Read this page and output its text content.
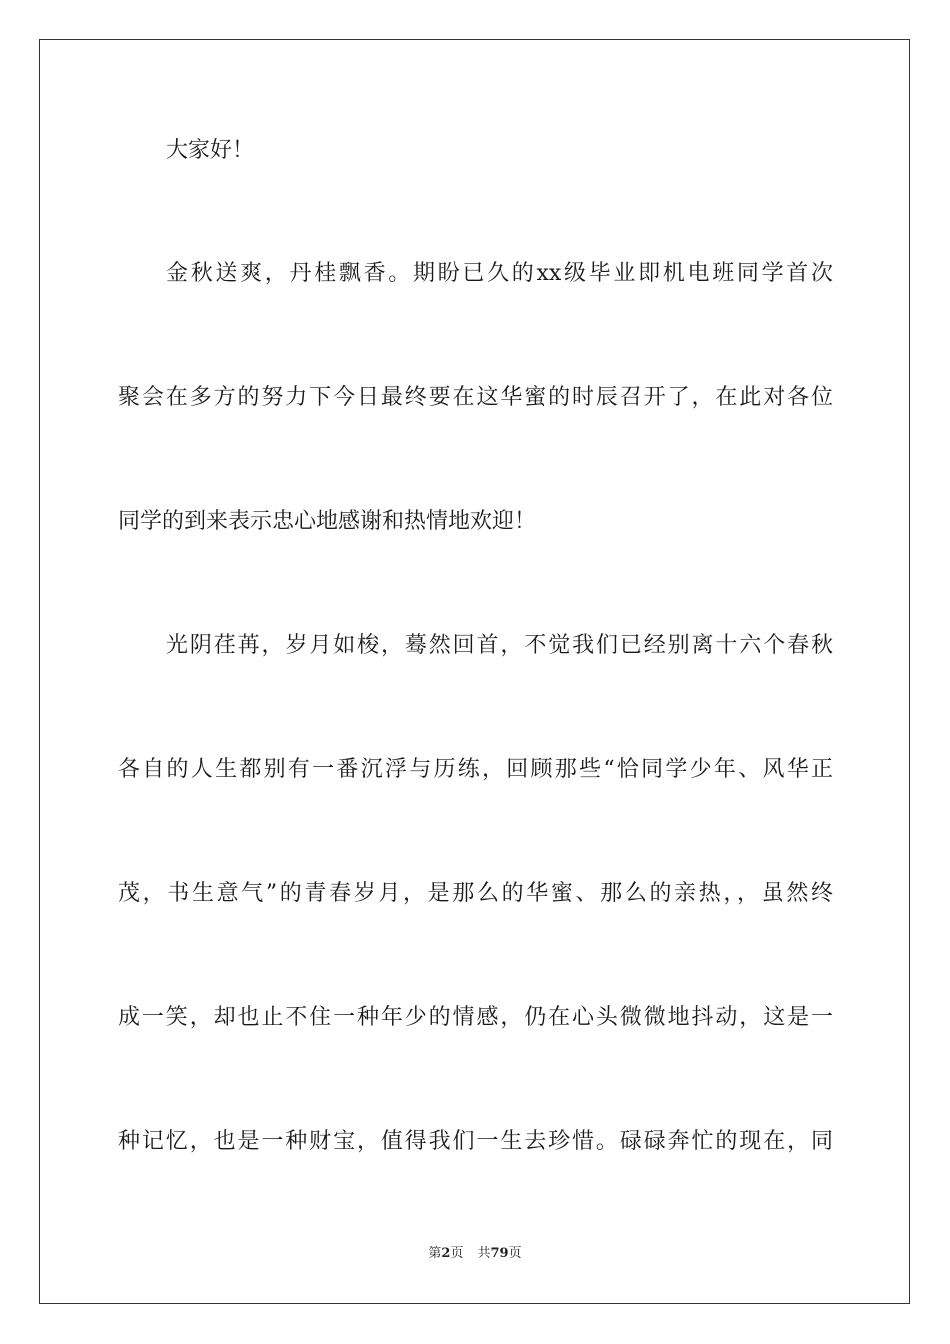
大家好！
金秋送爽，丹桂飘香。期盼已久的xx级毕业即机电班同学首次
聚会在多方的努力下今日最终要在这华蜜的时辰召开了，在此对各位
同学的到来表示忠心地感谢和热情地欢迎！
光阴荏苒，岁月如梭，蓦然回首，不觉我们已经别离十六个春秋
各自的人生都别有一番沉浮与历练，回顾那些“恰同学少年、风华正
茂，书生意气”的青春岁月，是那么的华蜜、那么的亲热，，虽然终
成一笑，却也止不住一种年少的情感，仍在心头微微地抖动，这是一
种记忆，也是一种财宝，值得我们一生去珍惜。碌碌奔忙的现在，同
第2页 共79页
